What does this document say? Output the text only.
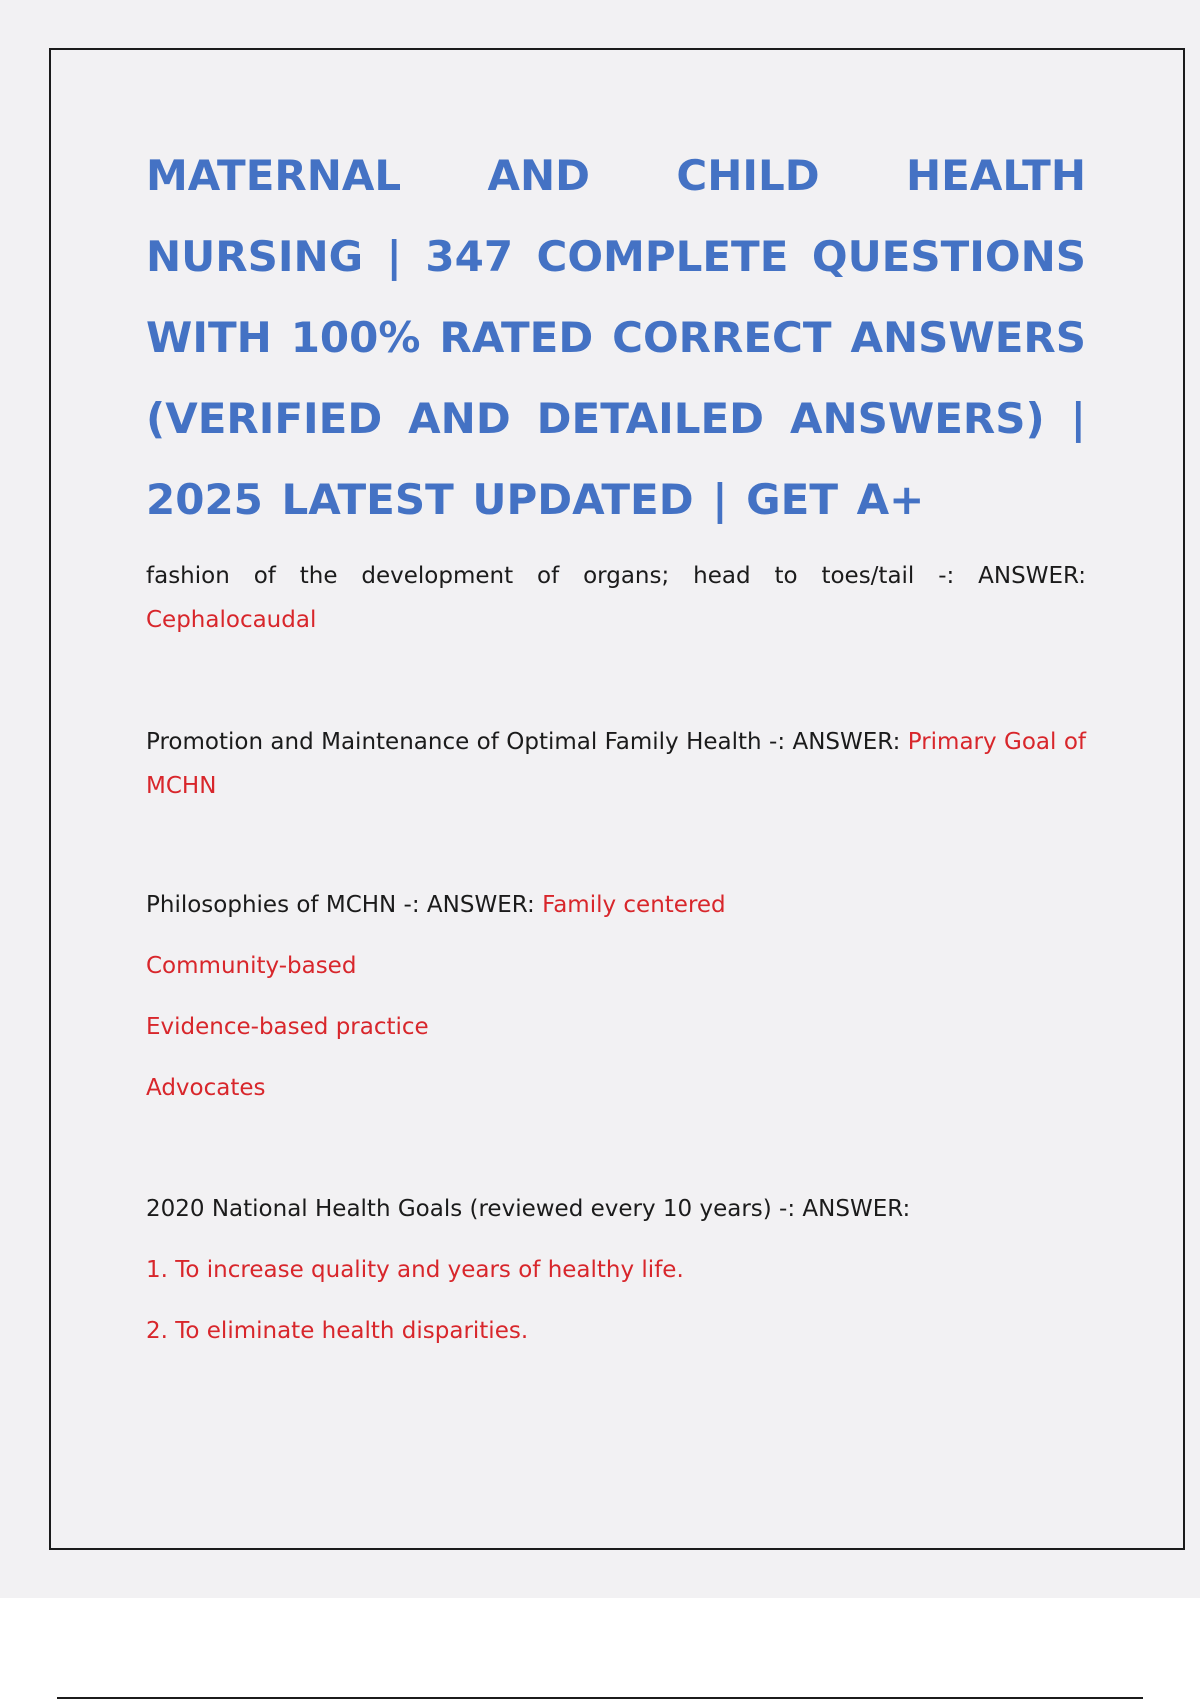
MATERNAL AND CHILD HEALTH NURSING | 347 COMPLETE QUESTIONS WITH 100% RATED CORRECT ANSWERS (VERIFIED AND DETAILED ANSWERS) | 2025 LATEST UPDATED | GET A+

fashion of the development of organs; head to toes/tail -: ANSWER: Cephalocaudal

Promotion and Maintenance of Optimal Family Health -: ANSWER: Primary Goal of MCHN

Philosophies of MCHN -: ANSWER: Family centered

Community-based

Evidence-based practice

Advocates

2020 National Health Goals (reviewed every 10 years) -: ANSWER:

1. To increase quality and years of healthy life.

2. To eliminate health disparities.
